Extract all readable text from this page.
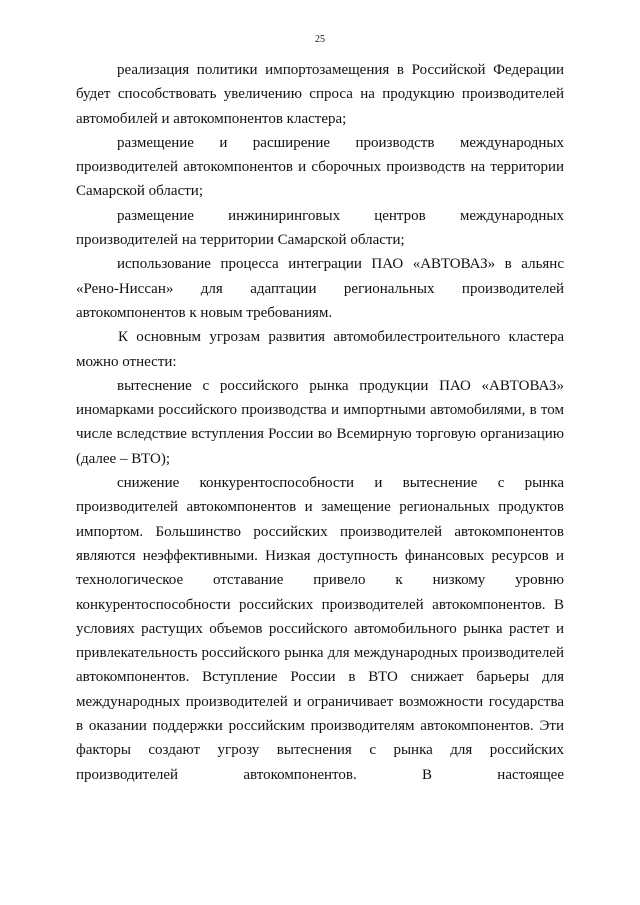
25

реализация политики импортозамещения в Российской Федерации будет способствовать увеличению спроса на продукцию производителей автомобилей и автокомпонентов кластера;

размещение и расширение производств международных производителей автокомпонентов и сборочных производств на территории Самарской области;

размещение инжиниринговых центров международных производителей на территории Самарской области;

использование процесса интеграции ПАО «АВТОВАЗ» в альянс «Рено-Ниссан» для адаптации региональных производителей автокомпонентов к новым требованиям.

К основным угрозам развития автомобилестроительного кластера можно отнести:

вытеснение с российского рынка продукции ПАО «АВТОВАЗ» иномарками российского производства и импортными автомобилями, в том числе вследствие вступления России во Всемирную торговую организацию (далее – ВТО);

снижение конкурентоспособности и вытеснение с рынка производителей автокомпонентов и замещение региональных продуктов импортом. Большинство российских производителей автокомпонентов являются неэффективными. Низкая доступность финансовых ресурсов и технологическое отставание привело к низкому уровню конкурентоспособности российских производителей автокомпонентов. В условиях растущих объемов российского автомобильного рынка растет и привлекательность российского рынка для международных производителей автокомпонентов. Вступление России в ВТО снижает барьеры для международных производителей и ограничивает возможности государства в оказании поддержки российским производителям автокомпонентов. Эти факторы создают угрозу вытеснения с рынка для российских производителей автокомпонентов. В настоящее
